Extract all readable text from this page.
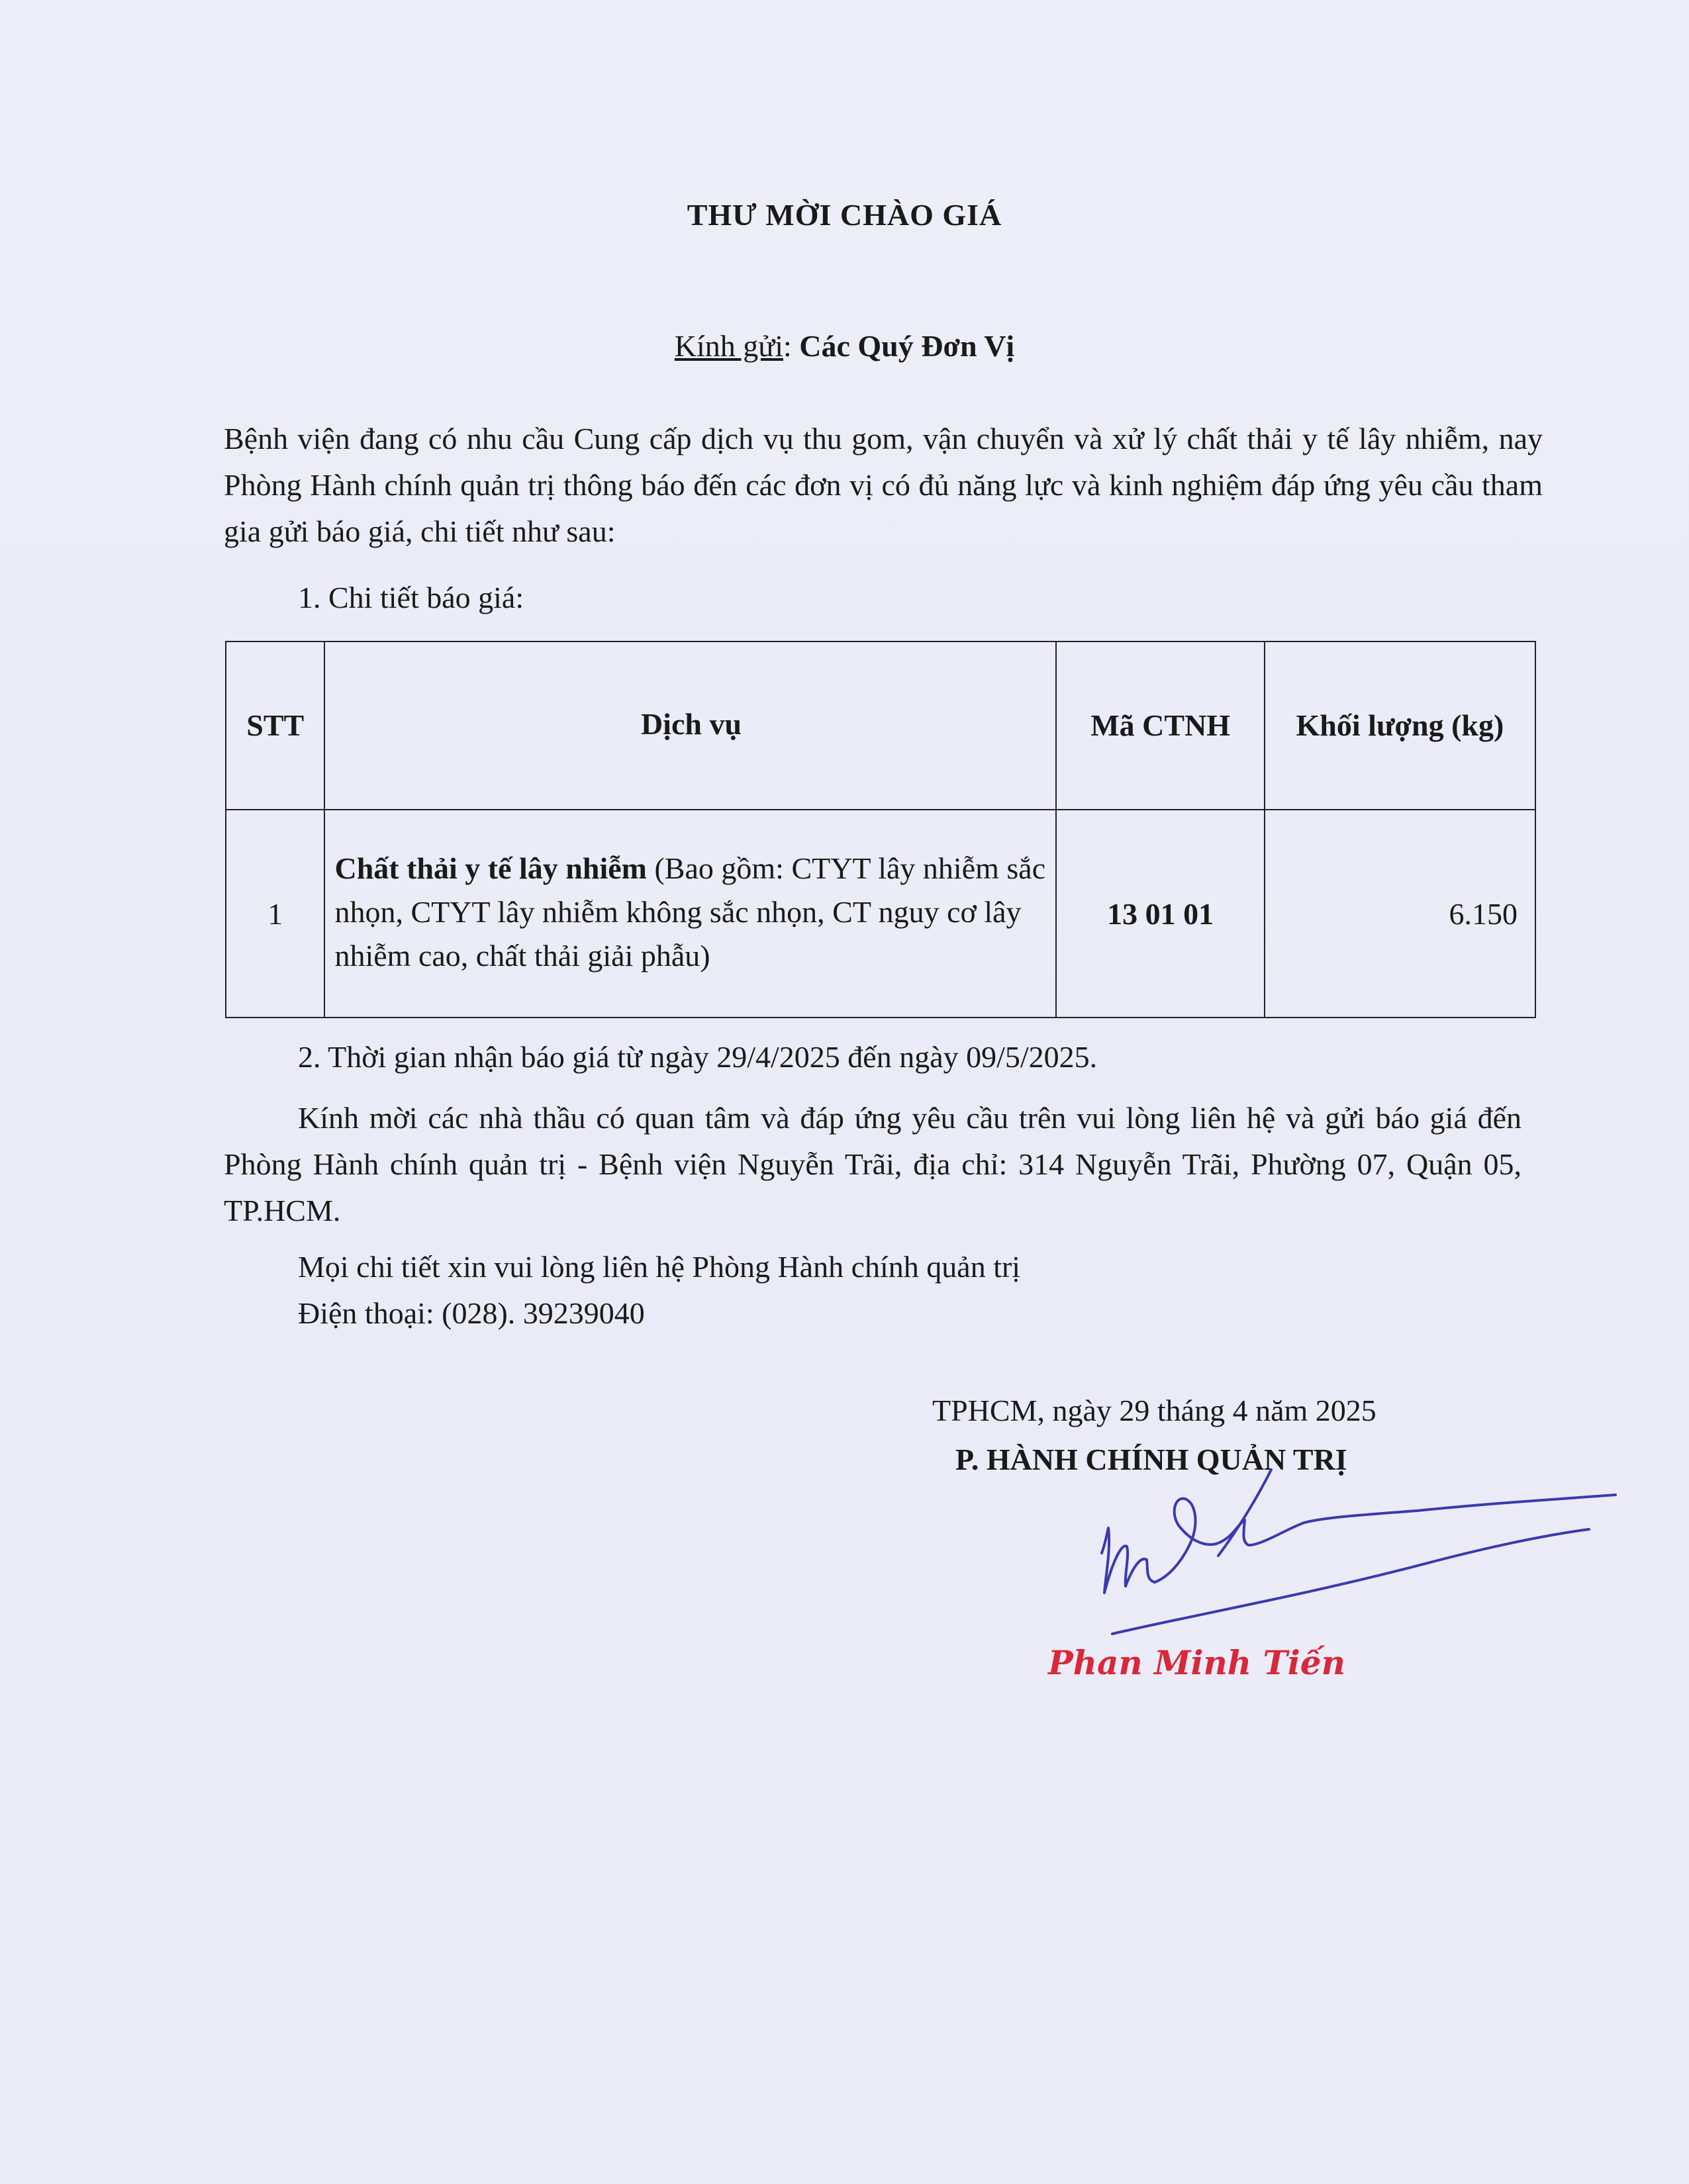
THƯ MỜI CHÀO GIÁ
Kính gửi: Các Quý Đơn Vị
Bệnh viện đang có nhu cầu Cung cấp dịch vụ thu gom, vận chuyển và xử lý chất thải y tế lây nhiễm, nay Phòng Hành chính quản trị thông báo đến các đơn vị có đủ năng lực và kinh nghiệm đáp ứng yêu cầu tham gia gửi báo giá, chi tiết như sau:
1. Chi tiết báo giá:
STT	Dịch vụ	Mã CTNH	Khối lượng (kg)
1	Chất thải y tế lây nhiễm (Bao gồm: CTYT lây nhiễm sắc nhọn, CTYT lây nhiễm không sắc nhọn, CT nguy cơ lây nhiễm cao, chất thải giải phẫu)	13 01 01	6.150
2. Thời gian nhận báo giá từ ngày 29/4/2025 đến ngày 09/5/2025.
Kính mời các nhà thầu có quan tâm và đáp ứng yêu cầu trên vui lòng liên hệ và gửi báo giá đến Phòng Hành chính quản trị - Bệnh viện Nguyễn Trãi, địa chỉ: 314 Nguyễn Trãi, Phường 07, Quận 05, TP.HCM.
Mọi chi tiết xin vui lòng liên hệ Phòng Hành chính quản trị
Điện thoại: (028). 39239040
TPHCM, ngày 29 tháng 4 năm 2025
P. HÀNH CHÍNH QUẢN TRỊ
Phan Minh Tiến
